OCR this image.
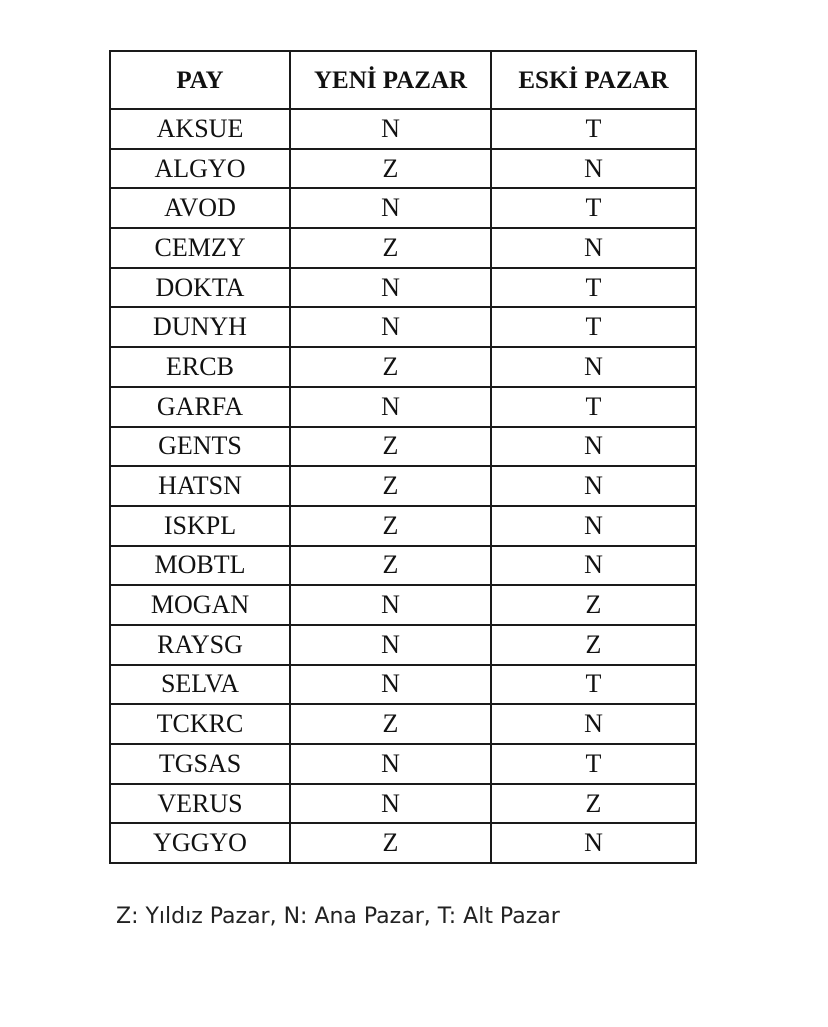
PAY	YENİ PAZAR	ESKİ PAZAR
AKSUE	N	T
ALGYO	Z	N
AVOD	N	T
CEMZY	Z	N
DOKTA	N	T
DUNYH	N	T
ERCB	Z	N
GARFA	N	T
GENTS	Z	N
HATSN	Z	N
ISKPL	Z	N
MOBTL	Z	N
MOGAN	N	Z
RAYSG	N	Z
SELVA	N	T
TCKRC	Z	N
TGSAS	N	T
VERUS	N	Z
YGGYO	Z	N
Z: Yıldız Pazar, N: Ana Pazar, T: Alt Pazar
